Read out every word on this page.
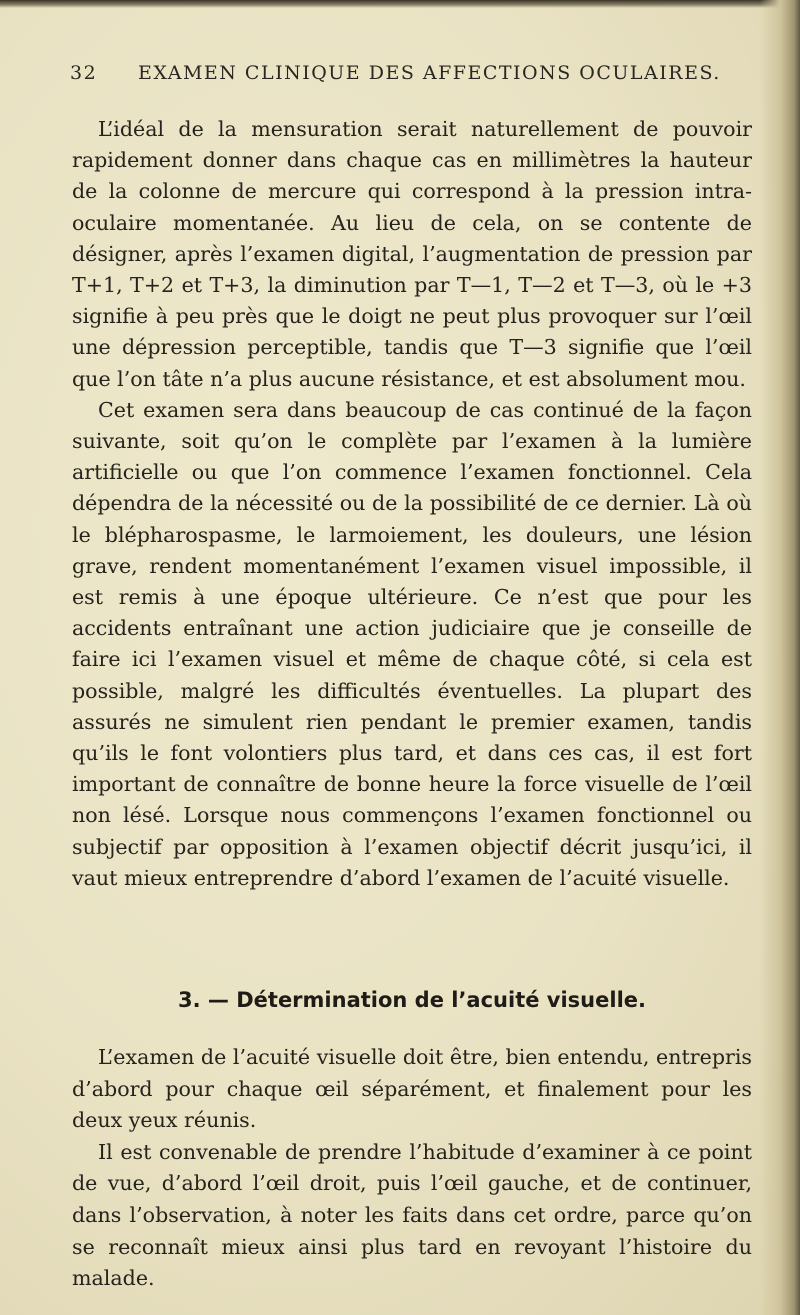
32 EXAMEN CLINIQUE DES AFFECTIONS OCULAIRES.

L’idéal de la mensuration serait naturellement de pouvoir rapidement donner dans chaque cas en millimètres la hauteur de la colonne de mercure qui correspond à la pression intra-oculaire momentanée. Au lieu de cela, on se contente de désigner, après l’examen digital, l’augmentation de pression par T+1, T+2 et T+3, la diminution par T—1, T—2 et T—3, où le +3 signifie à peu près que le doigt ne peut plus provoquer sur l’œil une dépression perceptible, tandis que T—3 signifie que l’œil que l’on tâte n’a plus aucune résistance, et est absolument mou.

Cet examen sera dans beaucoup de cas continué de la façon suivante, soit qu’on le complète par l’examen à la lumière artificielle ou que l’on commence l’examen fonctionnel. Cela dépendra de la nécessité ou de la possibilité de ce dernier. Là où le blépharospasme, le larmoiement, les douleurs, une lésion grave, rendent momentanément l’examen visuel impossible, il est remis à une époque ultérieure. Ce n’est que pour les accidents entraînant une action judiciaire que je conseille de faire ici l’examen visuel et même de chaque côté, si cela est possible, malgré les difficultés éventuelles. La plupart des assurés ne simulent rien pendant le premier examen, tandis qu’ils le font volontiers plus tard, et dans ces cas, il est fort important de connaître de bonne heure la force visuelle de l’œil non lésé. Lorsque nous commençons l’examen fonctionnel ou subjectif par opposition à l’examen objectif décrit jusqu’ici, il vaut mieux entreprendre d’abord l’examen de l’acuité visuelle.

3. — Détermination de l’acuité visuelle.

L’examen de l’acuité visuelle doit être, bien entendu, entrepris d’abord pour chaque œil séparément, et finalement pour les deux yeux réunis.

Il est convenable de prendre l’habitude d’examiner à ce point de vue, d’abord l’œil droit, puis l’œil gauche, et de continuer, dans l’observation, à noter les faits dans cet ordre, parce qu’on se reconnaît mieux ainsi plus tard en revoyant l’histoire du malade.
